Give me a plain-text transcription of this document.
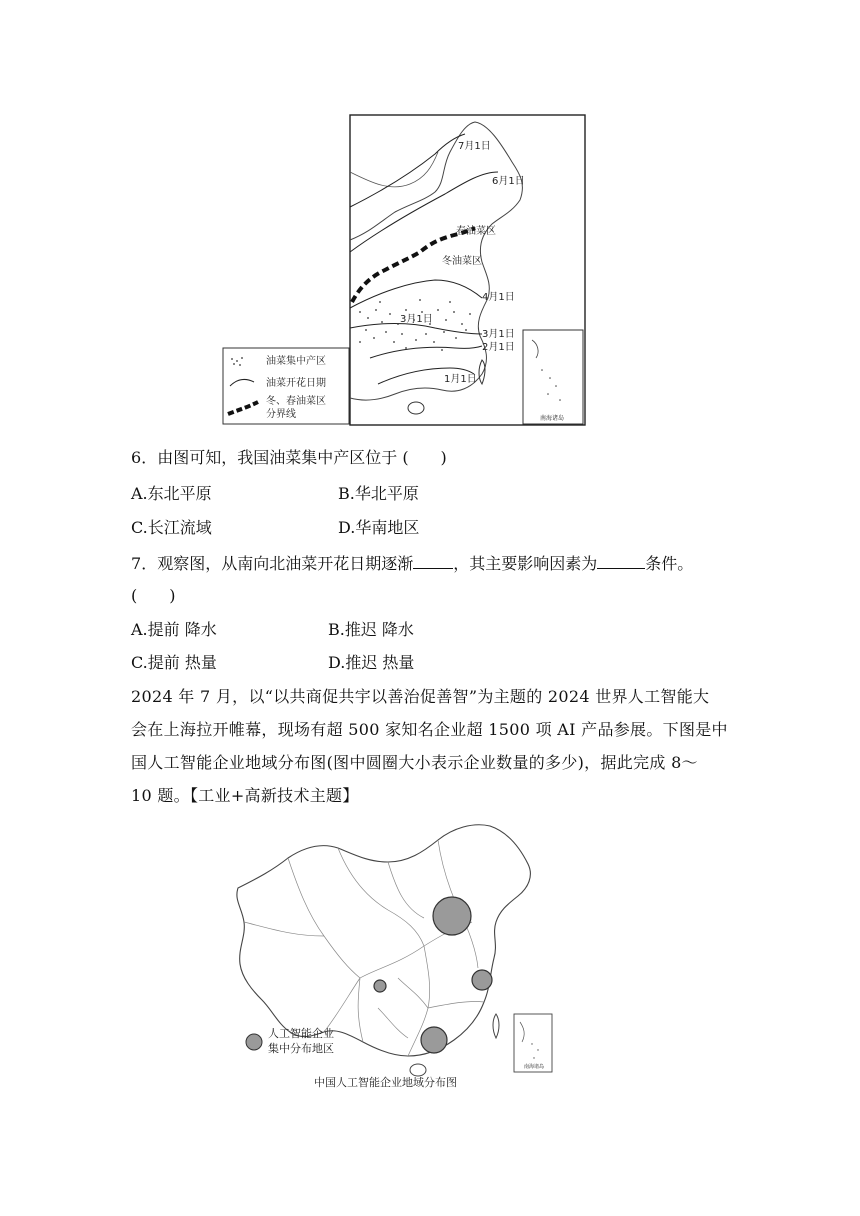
7月1日
6月1日
春油菜区
冬油菜区
4月1日
3月1日
3月1日
2月1日
1月1日
南海诸岛
油菜集中产区
油菜开花日期
冬、春油菜区
分界线
6．由图可知，我国油菜集中产区位于 (　　)
A.东北平原	B.华北平原
C.长江流域	D.华南地区
7．观察图，从南向北油菜开花日期逐渐	，其主要影响因素为	条件。
(　　)
A.提前 降水	B.推迟 降水
C.提前 热量	D.推迟 热量
2024 年 7 月，以“以共商促共宇以善治促善智”为主题的 2024 世界人工智能大
会在上海拉开帷幕，现场有超 500 家知名企业超 1500 项 AI 产品参展。下图是中
国人工智能企业地域分布图(图中圆圈大小表示企业数量的多少)，据此完成 8～
10 题。【工业+高新技术主题】
南海诸岛
人工智能企业
集中分布地区
中国人工智能企业地域分布图
